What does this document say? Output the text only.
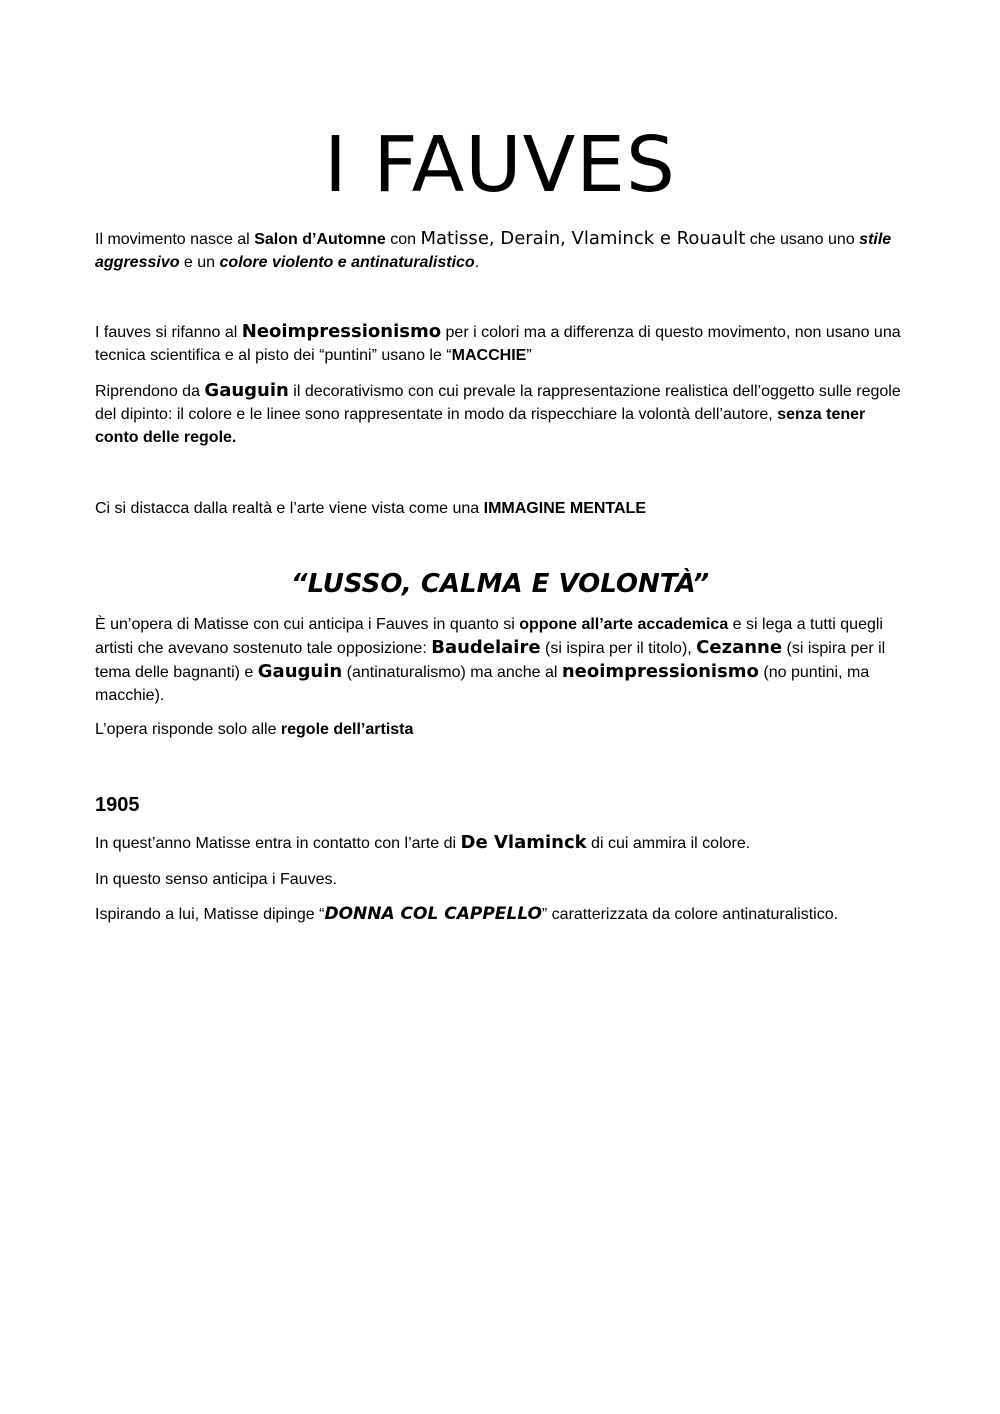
I FAUVES

Il movimento nasce al Salon d’Automne con Matisse, Derain, Vlaminck e Rouault che usano uno stile aggressivo e un colore violento e antinaturalistico.

I fauves si rifanno al Neoimpressionismo per i colori ma a differenza di questo movimento, non usano una tecnica scientifica e al pisto dei “puntini” usano le “MACCHIE”

Riprendono da Gauguin il decorativismo con cui prevale la rappresentazione realistica dell’oggetto sulle regole del dipinto: il colore e le linee sono rappresentate in modo da rispecchiare la volontà dell’autore, senza tener conto delle regole.

Ci si distacca dalla realtà e l’arte viene vista come una IMMAGINE MENTALE

“LUSSO, CALMA E VOLONTÀ”

È un’opera di Matisse con cui anticipa i Fauves in quanto si oppone all’arte accademica e si lega a tutti quegli artisti che avevano sostenuto tale opposizione: Baudelaire (si ispira per il titolo), Cezanne (si ispira per il tema delle bagnanti) e Gauguin (antinaturalismo) ma anche al neoimpressionismo (no puntini, ma macchie).

L’opera risponde solo alle regole dell’artista

1905

In quest’anno Matisse entra in contatto con l’arte di De Vlaminck di cui ammira il colore.

In questo senso anticipa i Fauves.

Ispirando a lui, Matisse dipinge “DONNA COL CAPPELLO” caratterizzata da colore antinaturalistico.
